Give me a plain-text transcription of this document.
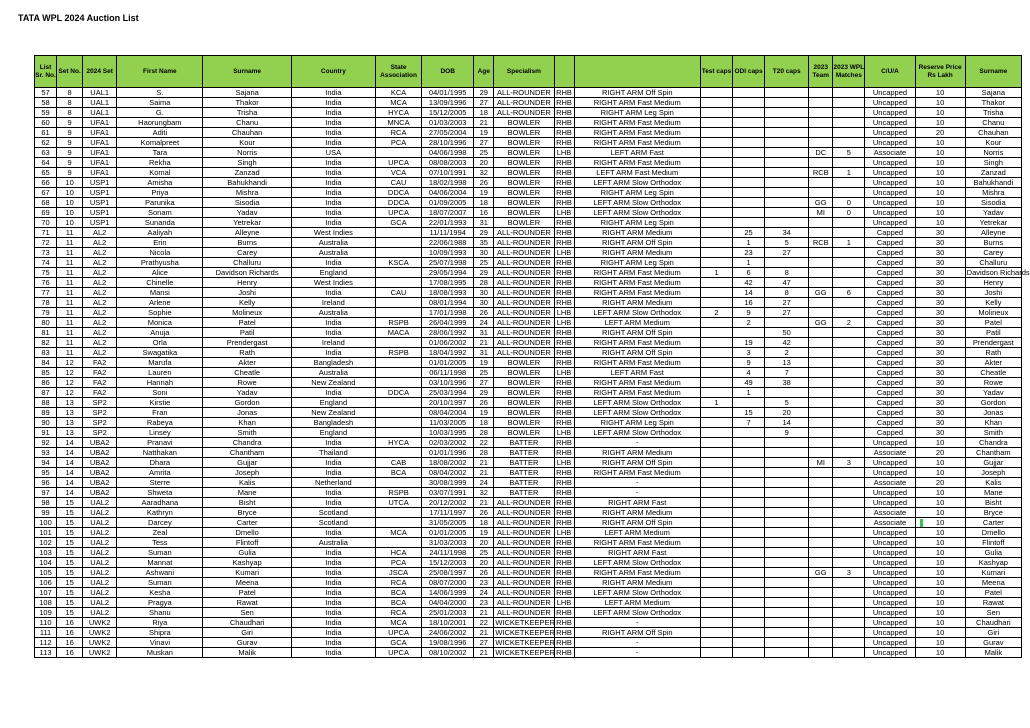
TATA WPL 2024 Auction List
List Sr. No.	Set No.	2024 Set	First Name	Surname	Country	State Association	DOB	Age	Specialism			Test caps	ODI caps	T20 caps	2023 Team	2023 WPL Matches	C/U/A	Reserve Price Rs Lakh	Surname
57	8	UAL1	S.	Sajana	India	KCA	04/01/1995	29	ALL-ROUNDER	RHB	RIGHT ARM Off Spin						Uncapped	10	Sajana
58	8	UAL1	Saima	Thakor	India	MCA	13/09/1996	27	ALL-ROUNDER	RHB	RIGHT ARM Fast Medium						Uncapped	10	Thakor
59	8	UAL1	G.	Trisha	India	HYCA	15/12/2005	18	ALL-ROUNDER	RHB	RIGHT ARM Leg Spin						Uncapped	10	Trisha
60	9	UFA1	Haorungbam	Chanu	India	MNCA	01/03/2003	21	BOWLER	RHB	RIGHT ARM Fast Medium						Uncapped	10	Chanu
61	9	UFA1	Aditi	Chauhan	India	RCA	27/05/2004	19	BOWLER	RHB	RIGHT ARM Fast Medium						Uncapped	20	Chauhan
62	9	UFA1	Komalpreet	Kour	India	PCA	28/10/1996	27	BOWLER	RHB	RIGHT ARM Fast Medium						Uncapped	10	Kour
63	9	UFA1	Tara	Norris	USA		04/06/1998	25	BOWLER	LHB	LEFT ARM Fast				DC	5	Associate	10	Norris
64	9	UFA1	Rekha	Singh	India	UPCA	08/08/2003	20	BOWLER	RHB	RIGHT ARM Fast Medium						Uncapped	10	Singh
65	9	UFA1	Komal	Zanzad	India	VCA	07/10/1991	32	BOWLER	RHB	LEFT ARM Fast Medium				RCB	1	Uncapped	10	Zanzad
66	10	USP1	Amisha	Bahukhandi	India	CAU	18/02/1998	26	BOWLER	RHB	LEFT ARM Slow Orthodox						Uncapped	10	Bahukhandi
67	10	USP1	Priya	Mishra	India	DDCA	04/06/2004	19	BOWLER	RHB	RIGHT ARM Leg Spin						Uncapped	10	Mishra
68	10	USP1	Parunika	Sisodia	India	DDCA	01/09/2005	18	BOWLER	RHB	LEFT ARM Slow Orthodox				GG	0	Uncapped	10	Sisodia
69	10	USP1	Sonam	Yadav	India	UPCA	18/07/2007	16	BOWLER	LHB	LEFT ARM Slow Orthodox				MI	0	Uncapped	10	Yadav
70	10	USP1	Sunanda	Yetrekar	India	GCA	22/01/1993	31	BOWLER	RHB	RIGHT ARM Leg Spin						Uncapped	10	Yetrekar
71	11	AL2	Aaliyah	Alleyne	West Indies		11/11/1994	29	ALL-ROUNDER	RHB	RIGHT ARM Medium		25	34			Capped	30	Alleyne
72	11	AL2	Erin	Burns	Australia		22/06/1988	35	ALL-ROUNDER	RHB	RIGHT ARM Off Spin		1	5	RCB	1	Capped	30	Burns
73	11	AL2	Nicola	Carey	Australia		10/09/1993	30	ALL-ROUNDER	LHB	RIGHT ARM Medium		23	27			Capped	30	Carey
74	11	AL2	Prathyusha	Challuru	India	KSCA	25/07/1998	25	ALL-ROUNDER	RHB	RIGHT ARM Leg Spin		1				Capped	30	Challuru
75	11	AL2	Alice	Davidson Richards	England		29/05/1994	29	ALL-ROUNDER	RHB	RIGHT ARM Fast Medium	1	6	8			Capped	30	Davidson Richards
76	11	AL2	Chinelle	Henry	West Indies		17/08/1995	28	ALL-ROUNDER	RHB	RIGHT ARM Fast Medium		42	47			Capped	30	Henry
77	11	AL2	Mansi	Joshi	India	CAU	18/08/1993	30	ALL-ROUNDER	RHB	RIGHT ARM Fast Medium		14	8	GG	6	Capped	30	Joshi
78	11	AL2	Arlene	Kelly	Ireland		08/01/1994	30	ALL-ROUNDER	RHB	RIGHT ARM Medium		16	27			Capped	30	Kelly
79	11	AL2	Sophie	Molineux	Australia		17/01/1998	26	ALL-ROUNDER	LHB	LEFT ARM Slow Orthodox	2	9	27			Capped	30	Molineux
80	11	AL2	Monica	Patel	India	RSPB	26/04/1999	24	ALL-ROUNDER	LHB	LEFT ARM Medium		2		GG	2	Capped	30	Patel
81	11	AL2	Anuja	Patil	India	MACA	28/06/1992	31	ALL-ROUNDER	RHB	RIGHT ARM Off Spin			50			Capped	30	Patil
82	11	AL2	Orla	Prendergast	Ireland		01/06/2002	21	ALL-ROUNDER	RHB	RIGHT ARM Fast Medium		19	42			Capped	30	Prendergast
83	11	AL2	Swagatika	Rath	India	RSPB	18/04/1992	31	ALL-ROUNDER	RHB	RIGHT ARM Off Spin		3	2			Capped	30	Rath
84	12	FA2	Marufa	Akter	Bangladesh		01/01/2005	19	BOWLER	RHB	RIGHT ARM Fast Medium		9	13			Capped	30	Akter
85	12	FA2	Lauren	Cheatle	Australia		06/11/1998	25	BOWLER	LHB	LEFT ARM Fast		4	7			Capped	30	Cheatle
86	12	FA2	Hannah	Rowe	New Zealand		03/10/1996	27	BOWLER	RHB	RIGHT ARM Fast Medium		49	38			Capped	30	Rowe
87	12	FA2	Soni	Yadav	India	DDCA	25/03/1994	29	BOWLER	RHB	RIGHT ARM Fast Medium		1				Capped	30	Yadav
88	13	SP2	Kirstie	Gordon	England		20/10/1997	26	BOWLER	RHB	LEFT ARM Slow Orthodox	1		5			Capped	30	Gordon
89	13	SP2	Fran	Jonas	New Zealand		08/04/2004	19	BOWLER	RHB	LEFT ARM Slow Orthodox		15	20			Capped	30	Jonas
90	13	SP2	Rabeya	Khan	Bangladesh		11/03/2005	18	BOWLER	RHB	RIGHT ARM Leg Spin		7	14			Capped	30	Khan
91	13	SP2	Linsey	Smith	England		10/03/1995	28	BOWLER	LHB	LEFT ARM Slow Orthodox			9			Capped	30	Smith
92	14	UBA2	Pranavi	Chandra	India	HYCA	02/03/2002	22	BATTER	RHB	-						Uncapped	10	Chandra
93	14	UBA2	Natthakan	Chantham	Thailand		01/01/1996	28	BATTER	RHB	RIGHT ARM Medium						Associate	20	Chantham
94	14	UBA2	Dhara	Gujjar	India	CAB	18/08/2002	21	BATTER	LHB	RIGHT ARM Off Spin				MI	3	Uncapped	10	Gujjar
95	14	UBA2	Amrita	Joseph	India	BCA	08/04/2002	21	BATTER	RHB	RIGHT ARM Fast Medium						Uncapped	10	Joseph
96	14	UBA2	Sterre	Kalis	Netherland		30/08/1999	24	BATTER	RHB	-						Associate	20	Kalis
97	14	UBA2	Shweta	Mane	India	RSPB	03/07/1991	32	BATTER	RHB	-						Uncapped	10	Mane
98	15	UAL2	Aaradhana	Bisht	India	UTCA	20/12/2002	21	ALL-ROUNDER	RHB	RIGHT ARM Fast						Uncapped	10	Bisht
99	15	UAL2	Kathryn	Bryce	Scotland		17/11/1997	26	ALL-ROUNDER	RHB	RIGHT ARM Medium						Associate	10	Bryce
100	15	UAL2	Darcey	Carter	Scotland		31/05/2005	18	ALL-ROUNDER	RHB	RIGHT ARM Off Spin						Associate	10	Carter
101	15	UAL2	Zeal	Dmello	India	MCA	01/01/2005	19	ALL-ROUNDER	LHB	LEFT ARM Medium						Uncapped	10	Dmello
102	15	UAL2	Tess	Flintoff	Australia		31/03/2003	20	ALL-ROUNDER	RHB	RIGHT ARM Fast Medium						Uncapped	10	Flintoff
103	15	UAL2	Suman	Gulia	India	HCA	24/11/1998	25	ALL-ROUNDER	RHB	RIGHT ARM Fast						Uncapped	10	Gulia
104	15	UAL2	Mannat	Kashyap	India	PCA	15/12/2003	20	ALL-ROUNDER	RHB	LEFT ARM Slow Orthodox						Uncapped	10	Kashyap
105	15	UAL2	Ashwani	Kumari	India	JSCA	25/08/1997	26	ALL-ROUNDER	RHB	RIGHT ARM Fast Medium				GG	3	Uncapped	10	Kumari
106	15	UAL2	Suman	Meena	India	RCA	08/07/2000	23	ALL-ROUNDER	RHB	RIGHT ARM Medium						Uncapped	10	Meena
107	15	UAL2	Kesha	Patel	India	BCA	14/06/1999	24	ALL-ROUNDER	RHB	LEFT ARM Slow Orthodox						Uncapped	10	Patel
108	15	UAL2	Pragya	Rawat	India	BCA	04/04/2000	23	ALL-ROUNDER	LHB	LEFT ARM Medium						Uncapped	10	Rawat
109	15	UAL2	Shanu	Sen	India	RCA	25/01/2003	21	ALL-ROUNDER	RHB	LEFT ARM Slow Orthodox						Uncapped	10	Sen
110	16	UWK2	Riya	Chaudhari	India	MCA	18/10/2001	22	WICKETKEEPER	RHB	-						Uncapped	10	Chaudhari
111	16	UWK2	Shipra	Giri	India	UPCA	24/06/2002	21	WICKETKEEPER	RHB	RIGHT ARM Off Spin						Uncapped	10	Giri
112	16	UWK2	Vinavi	Gurav	India	GCA	19/08/1996	27	WICKETKEEPER	RHB	-						Uncapped	10	Gurav
113	16	UWK2	Muskan	Malik	India	UPCA	08/10/2002	21	WICKETKEEPER	RHB	-						Uncapped	10	Malik
